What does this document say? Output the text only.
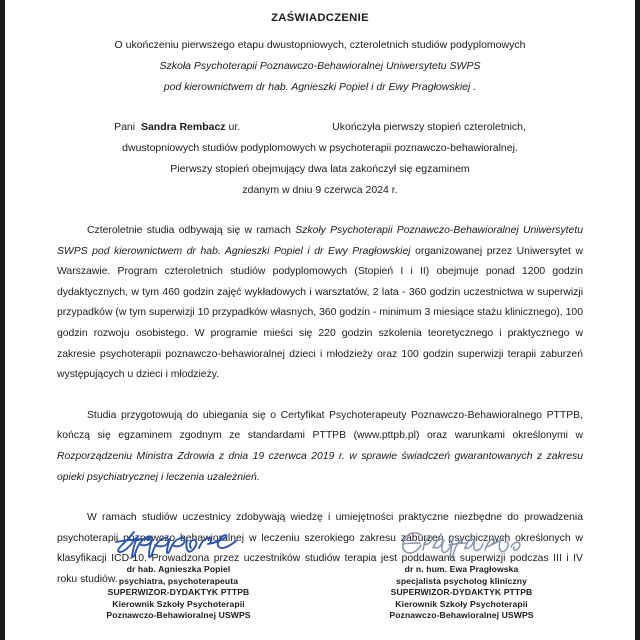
ZAŚWIADCZENIE
O ukończeniu pierwszego etapu dwustopniowych, czteroletnich studiów podyplomowych
Szkoła Psychoterapii Poznawczo-Behawioralnej Uniwersytetu SWPS
pod kierownictwem dr hab. Agnieszki Popiel i dr Ewy Pragłowskiej .
Pani Sandra Rembacz ur.	Ukończyła pierwszy stopień czteroletnich,
dwustopniowych studiów podyplomowych w psychoterapii poznawczo-behawioralnej.
Pierwszy stopień obejmujący dwa lata zakończył się egzaminem
zdanym w dniu 9 czerwca 2024 r.

Czteroletnie studia odbywają się w ramach Szkoły Psychoterapii Poznawczo-Behawioralnej Uniwersytetu SWPS pod kierownictwem dr hab. Agnieszki Popiel i dr Ewy Pragłowskiej organizowanej przez Uniwersytet w Warszawie. Program czteroletnich studiów podyplomowych (Stopień I i II) obejmuje ponad 1200 godzin dydaktycznych, w tym 460 godzin zajęć wykładowych i warsztatów, 2 lata - 360 godzin uczestnictwa w superwizji przypadków (w tym superwizji 10 przypadków własnych, 360 godzin - minimum 3 miesiące stażu klinicznego), 100 godzin rozwoju osobistego. W programie mieści się 220 godzin szkolenia teoretycznego i praktycznego w zakresie psychoterapii poznawczo-behawioralnej dzieci i młodzieży oraz 100 godzin superwizji terapii zaburzeń występujących u dzieci i młodzieży.

Studia przygotowują do ubiegania się o Certyfikat Psychoterapeuty Poznawczo-Behawioralnego PTTPB, kończą się egzaminem zgodnym ze standardami PTTPB (www.pttpb.pl) oraz warunkami określonymi w Rozporządzeniu Ministra Zdrowia z dnia 19 czerwca 2019 r. w sprawie świadczeń gwarantowanych z zakresu opieki psychiatrycznej i leczenia uzależnień.

W ramach studiów uczestnicy zdobywają wiedzę i umiejętności praktyczne niezbędne do prowadzenia psychoterapii poznawczo behawioralnej w leczeniu szerokiego zakresu zaburzeń psychicznych określonych w klasyfikacji ICD-10. Prowadzona przez uczestników studiów terapia jest poddawana superwizji podczas III i IV roku studiów.

dr hab. Agnieszka Popiel
psychiatra, psychoterapeuta
SUPERWIZOR-DYDAKTYK PTTPB
Kierownik Szkoły Psychoterapii
Poznawczo-Behawioralnej USWPS
dr n. hum. Ewa Pragłowska
specjalista psycholog kliniczny
SUPERWIZOR-DYDAKTYK PTTPB
Kierownik Szkoły Psychoterapii
Poznawczo-Behawioralnej USWPS
